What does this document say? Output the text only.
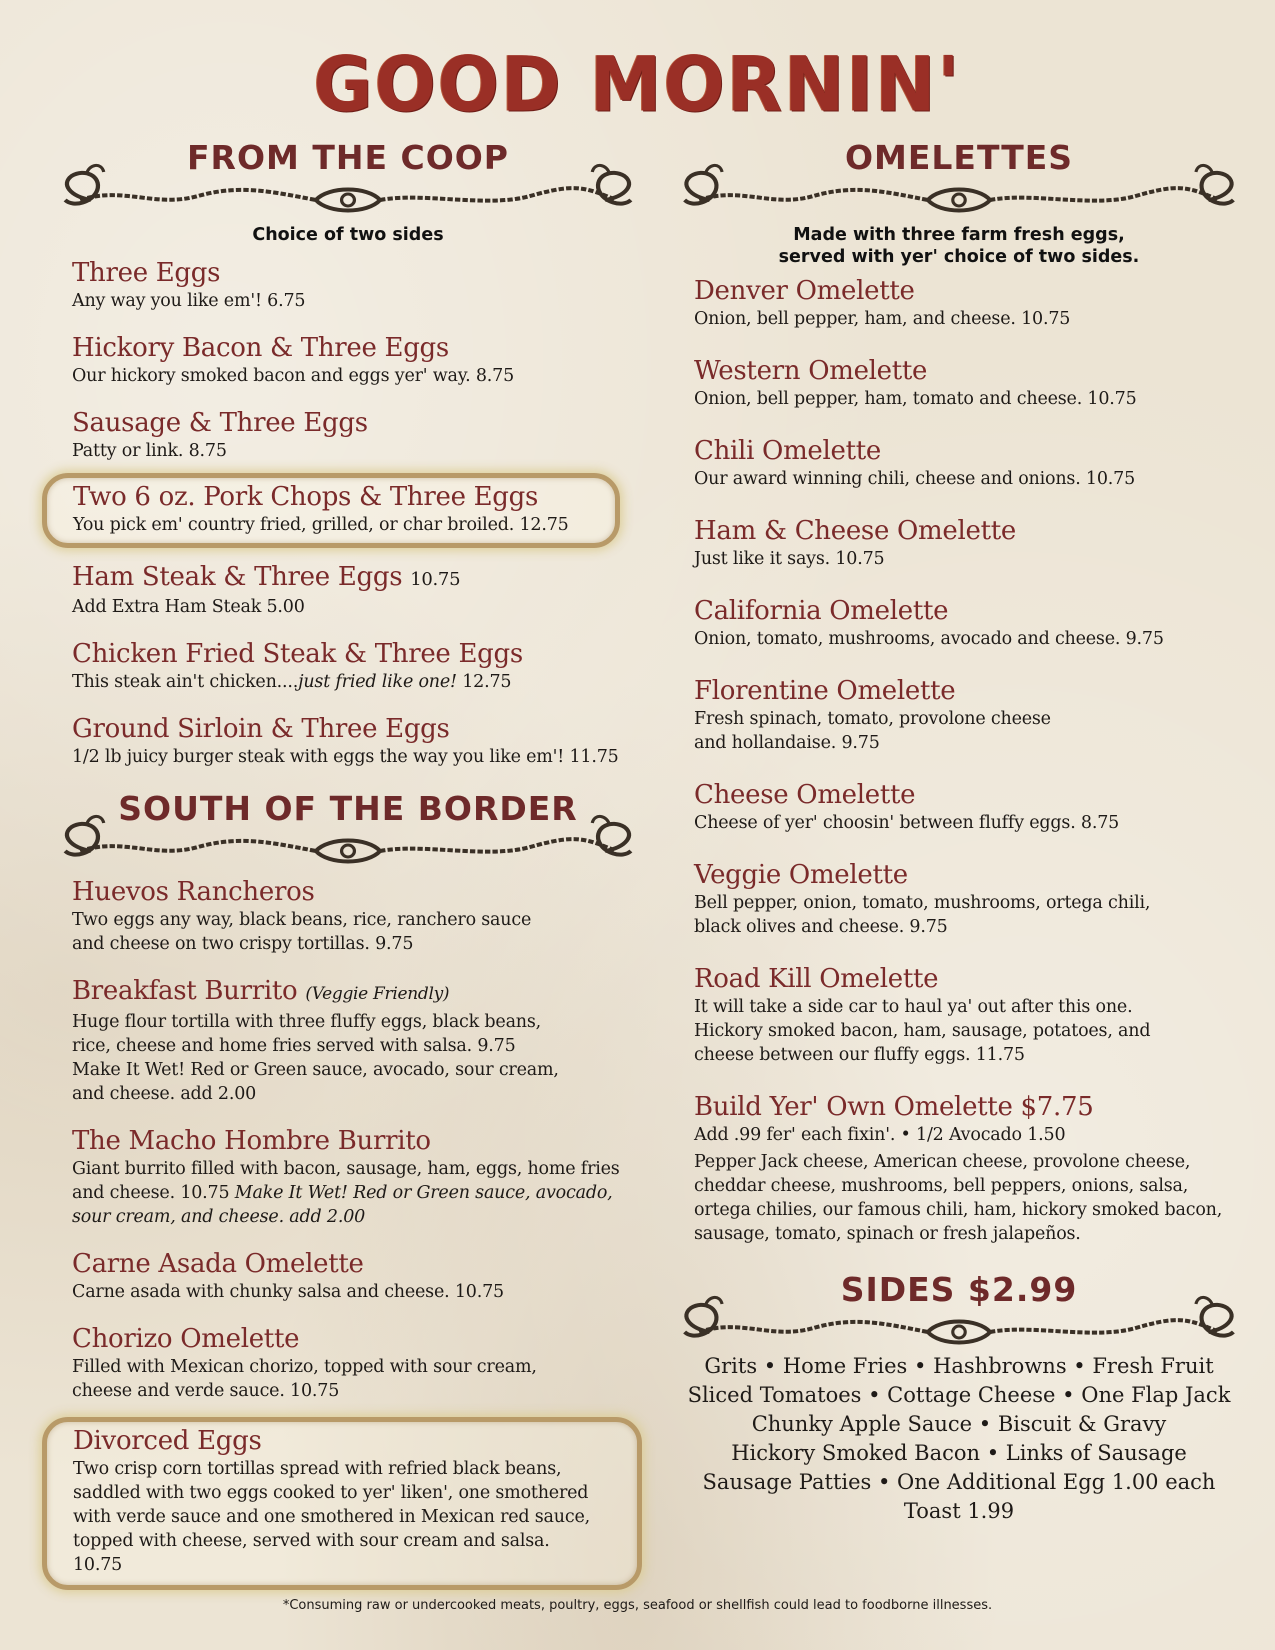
GOOD MORNIN'
FROM THE COOP
Choice of two sides
Three Eggs
Any way you like em'! 6.75
Hickory Bacon & Three Eggs
Our hickory smoked bacon and eggs yer' way. 8.75
Sausage & Three Eggs
Patty or link. 8.75
Two 6 oz. Pork Chops & Three Eggs
You pick em' country fried, grilled, or char broiled. 12.75
Ham Steak & Three Eggs 10.75
Add Extra Ham Steak 5.00
Chicken Fried Steak & Three Eggs
This steak ain't chicken....just fried like one! 12.75
Ground Sirloin & Three Eggs
1/2 lb juicy burger steak with eggs the way you like em'! 11.75
SOUTH OF THE BORDER
Huevos Rancheros
Two eggs any way, black beans, rice, ranchero sauce and cheese on two crispy tortillas. 9.75
Breakfast Burrito (Veggie Friendly)
Huge flour tortilla with three fluffy eggs, black beans, rice, cheese and home fries served with salsa. 9.75
Make It Wet! Red or Green sauce, avocado, sour cream, and cheese. add 2.00
The Macho Hombre Burrito
Giant burrito filled with bacon, sausage, ham, eggs, home fries and cheese. 10.75 Make It Wet! Red or Green sauce, avocado, sour cream, and cheese. add 2.00
Carne Asada Omelette
Carne asada with chunky salsa and cheese. 10.75
Chorizo Omelette
Filled with Mexican chorizo, topped with sour cream, cheese and verde sauce. 10.75
Divorced Eggs
Two crisp corn tortillas spread with refried black beans, saddled with two eggs cooked to yer' liken', one smothered with verde sauce and one smothered in Mexican red sauce, topped with cheese, served with sour cream and salsa. 10.75
OMELETTES
Made with three farm fresh eggs,
served with yer' choice of two sides.
Denver Omelette
Onion, bell pepper, ham, and cheese. 10.75
Western Omelette
Onion, bell pepper, ham, tomato and cheese. 10.75
Chili Omelette
Our award winning chili, cheese and onions. 10.75
Ham & Cheese Omelette
Just like it says. 10.75
California Omelette
Onion, tomato, mushrooms, avocado and cheese. 9.75
Florentine Omelette
Fresh spinach, tomato, provolone cheese and hollandaise. 9.75
Cheese Omelette
Cheese of yer' choosin' between fluffy eggs. 8.75
Veggie Omelette
Bell pepper, onion, tomato, mushrooms, ortega chili, black olives and cheese. 9.75
Road Kill Omelette
It will take a side car to haul ya' out after this one. Hickory smoked bacon, ham, sausage, potatoes, and cheese between our fluffy eggs. 11.75
Build Yer' Own Omelette $7.75
Add .99 fer' each fixin'. • 1/2 Avocado 1.50
Pepper Jack cheese, American cheese, provolone cheese, cheddar cheese, mushrooms, bell peppers, onions, salsa, ortega chilies, our famous chili, ham, hickory smoked bacon, sausage, tomato, spinach or fresh jalapeños.
SIDES $2.99
Grits • Home Fries • Hashbrowns • Fresh Fruit
Sliced Tomatoes • Cottage Cheese • One Flap Jack
Chunky Apple Sauce • Biscuit & Gravy
Hickory Smoked Bacon • Links of Sausage
Sausage Patties • One Additional Egg 1.00 each
Toast 1.99
*Consuming raw or undercooked meats, poultry, eggs, seafood or shellfish could lead to foodborne illnesses.
